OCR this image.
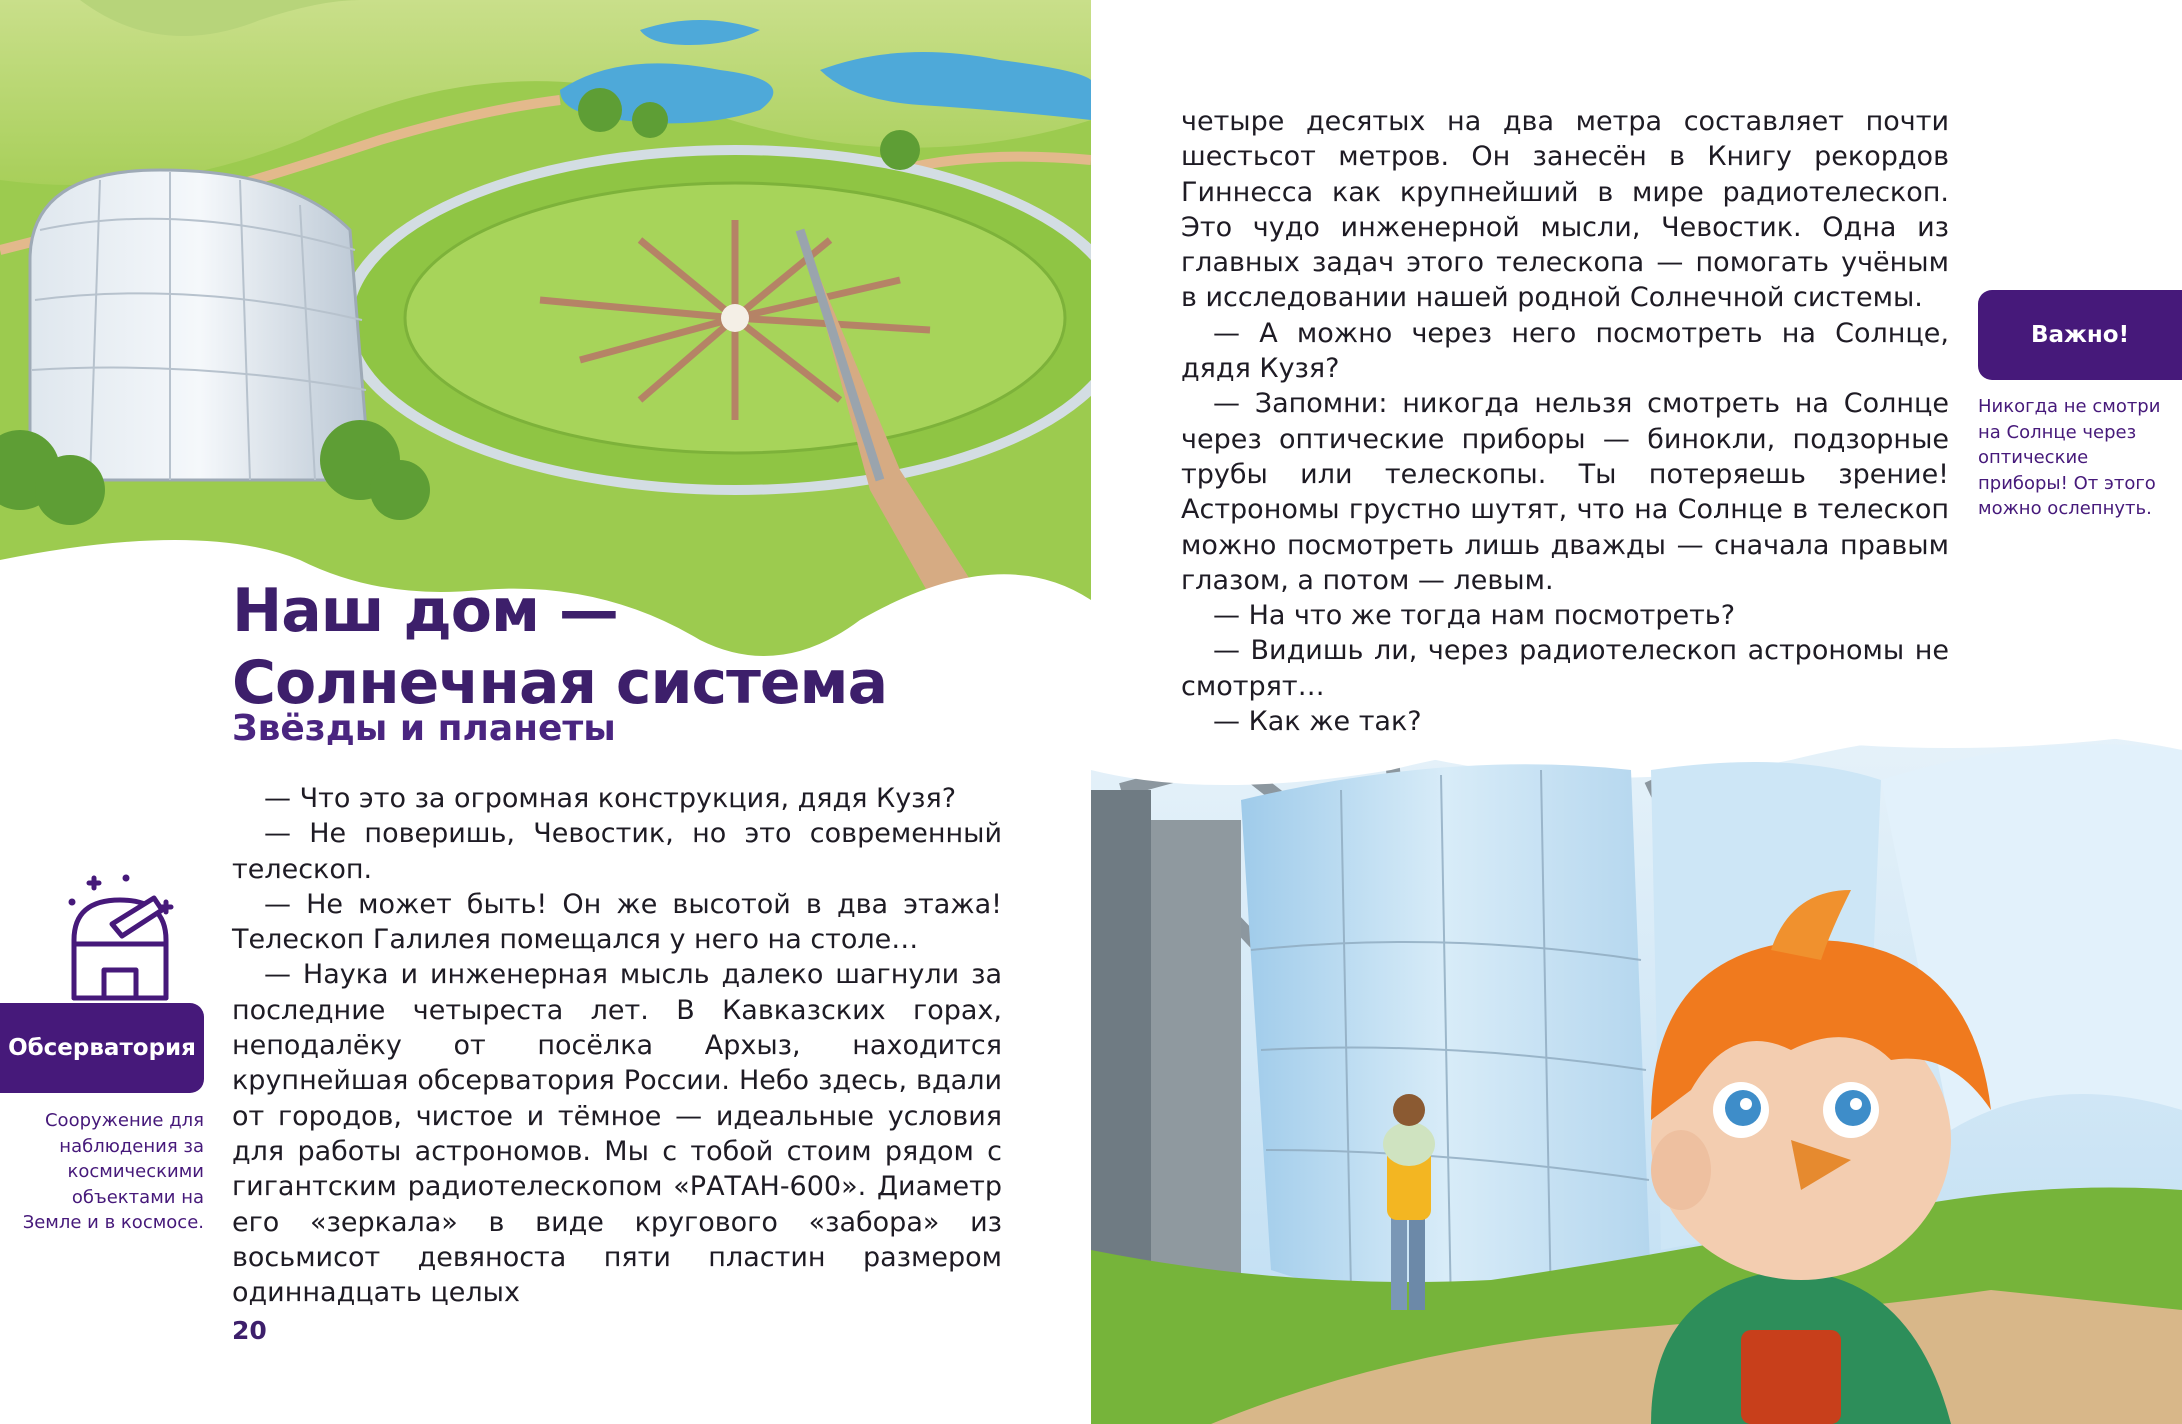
Наш дом — Солнечная система
Звёзды и планеты

— Что это за огромная конструкция, дядя Кузя?

— Не поверишь, Чевостик, но это современный телескоп.

— Не может быть! Он же высотой в два этажа! Телескоп Галилея помещался у него на столе…

— Наука и инженерная мысль далеко шагнули за последние четыреста лет. В Кавказских горах, неподалёку от посёлка Архыз, находится крупнейшая обсерватория России. Небо здесь, вдали от городов, чистое и тёмное — идеальные условия для работы астрономов. Мы с тобой стоим рядом с гигантским радиотелескопом «РАТАН-600». Диаметр его «зеркала» в виде кругового «забора» из восьмисот девяноста пяти пластин размером одиннадцать целых

Обсерватория
Сооружение для наблюдения за космическими объектами на Земле и в космосе.
20

четыре десятых на два метра составляет почти шестьсот метров. Он занесён в Книгу рекордов Гиннесса как крупнейший в мире радиотелескоп. Это чудо инженерной мысли, Чевостик. Одна из главных задач этого телескопа — помогать учёным в исследовании нашей родной Солнечной системы.

— А можно через него посмотреть на Солнце, дядя Кузя?

— Запомни: никогда нельзя смотреть на Солнце через оптические приборы — бинокли, подзорные трубы или телескопы. Ты потеряешь зрение! Астрономы грустно шутят, что на Солнце в телескоп можно посмотреть лишь дважды — сначала правым глазом, а потом — левым.

— На что же тогда нам посмотреть?

— Видишь ли, через радиотелескоп астрономы не смотрят…

— Как же так?

Важно!
Никогда не смотри на Солнце через оптические приборы! От этого можно ослепнуть.
